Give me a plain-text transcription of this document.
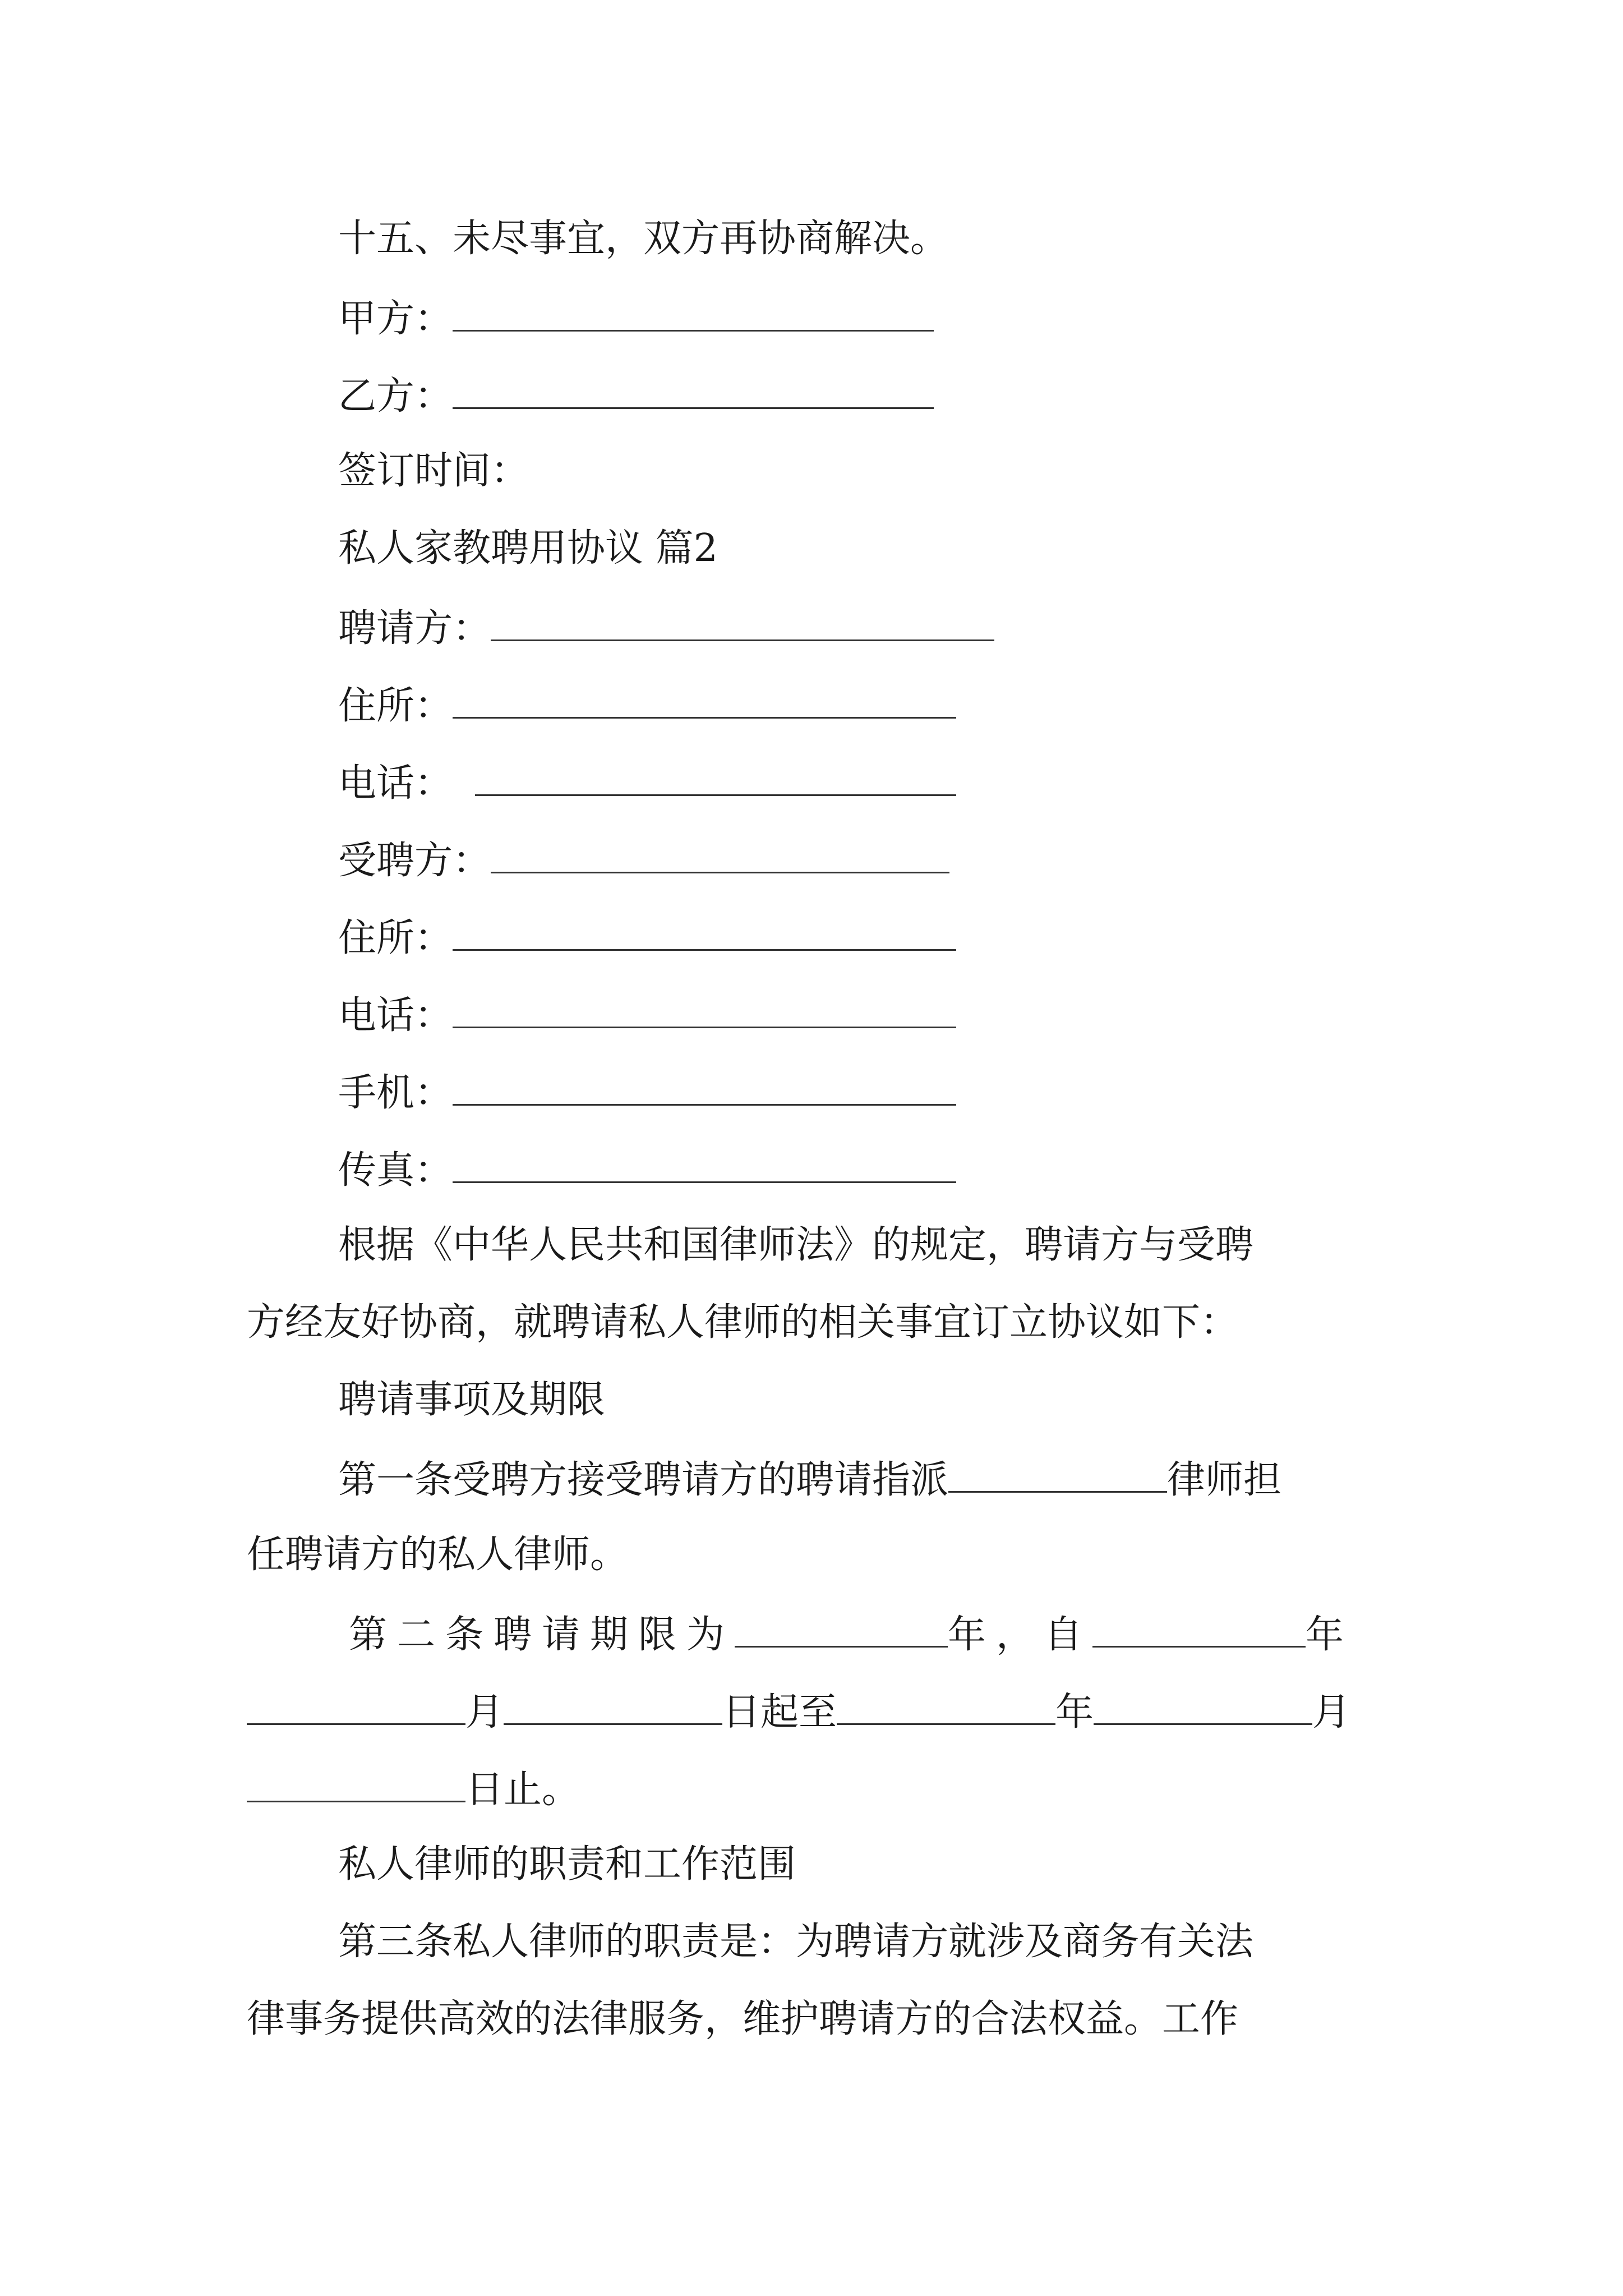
十五、未尽事宜，双方再协商解决。
甲方：
乙方：
签订时间：
私人家教聘用协议 篇2
聘请方：
住所：
电话：
受聘方：
住所：
电话：
手机：
传真：
根据《中华人民共和国律师法》的规定，聘请方与受聘
方经友好协商，就聘请私人律师的相关事宜订立协议如下：
聘请事项及期限
第一条受聘方接受聘请方的聘请指派	律师担
任聘请方的私人律师。
第二条聘请期限为	年，自	年
月	日起至	年	月
日止。
私人律师的职责和工作范围
第三条私人律师的职责是：为聘请方就涉及商务有关法
律事务提供高效的法律服务，维护聘请方的合法权益。工作
